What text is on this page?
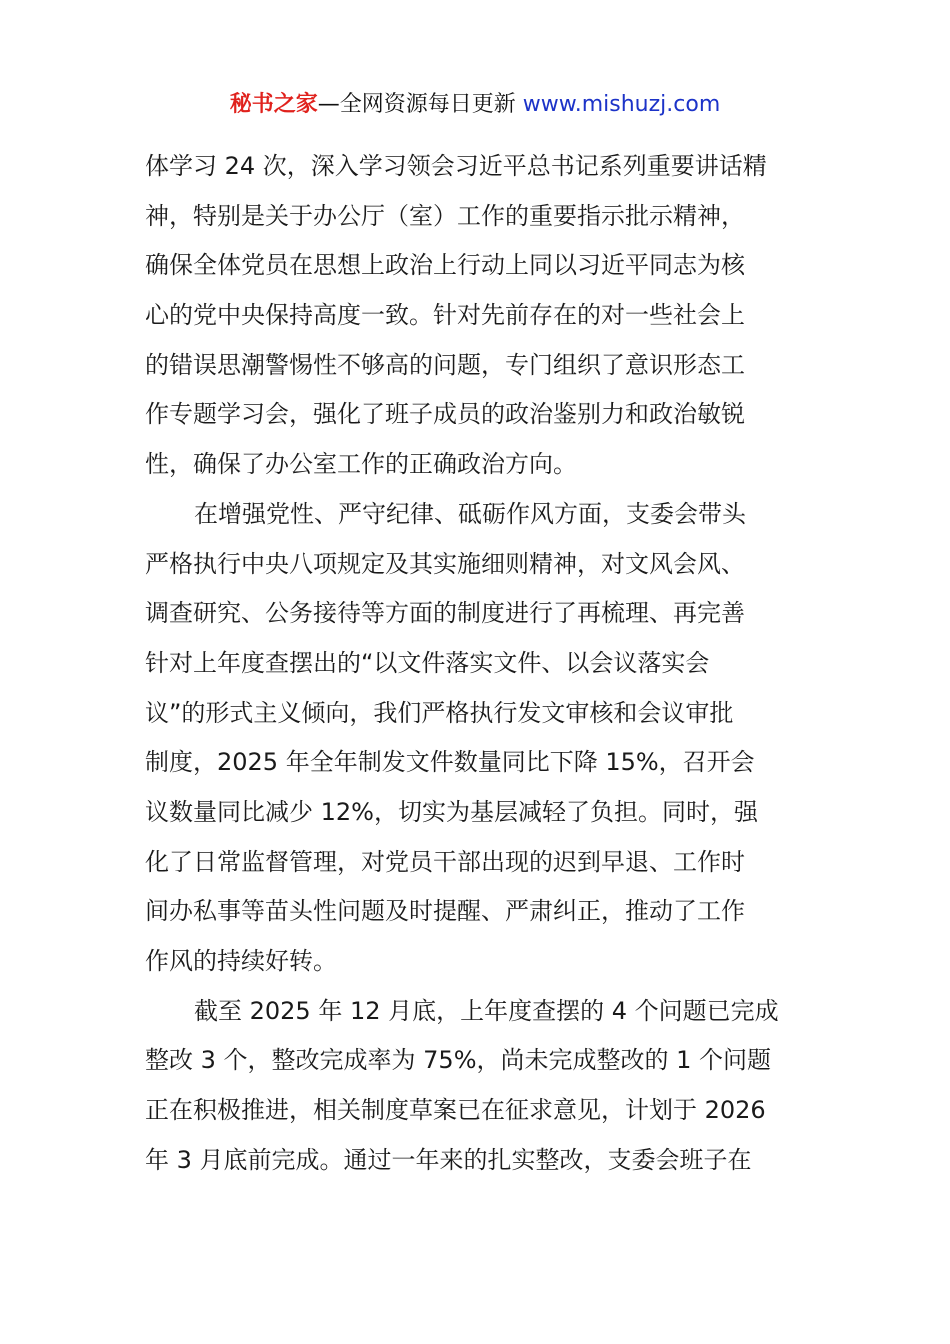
秘书之家—全网资源每日更新 www.mishuzj.com
体学习 24 次，深入学习领会习近平总书记系列重要讲话精
神，特别是关于办公厅（室）工作的重要指示批示精神，
确保全体党员在思想上政治上行动上同以习近平同志为核
心的党中央保持高度一致。针对先前存在的对一些社会上
的错误思潮警惕性不够高的问题，专门组织了意识形态工
作专题学习会，强化了班子成员的政治鉴别力和政治敏锐
性，确保了办公室工作的正确政治方向。
在增强党性、严守纪律、砥砺作风方面，支委会带头
严格执行中央八项规定及其实施细则精神，对文风会风、
调查研究、公务接待等方面的制度进行了再梳理、再完善
针对上年度查摆出的“以文件落实文件、以会议落实会
议”的形式主义倾向，我们严格执行发文审核和会议审批
制度，2025 年全年制发文件数量同比下降 15%，召开会
议数量同比减少 12%，切实为基层减轻了负担。同时，强
化了日常监督管理，对党员干部出现的迟到早退、工作时
间办私事等苗头性问题及时提醒、严肃纠正，推动了工作
作风的持续好转。
截至 2025 年 12 月底，上年度查摆的 4 个问题已完成
整改 3 个，整改完成率为 75%，尚未完成整改的 1 个问题
正在积极推进，相关制度草案已在征求意见，计划于 2026
年 3 月底前完成。通过一年来的扎实整改，支委会班子在
